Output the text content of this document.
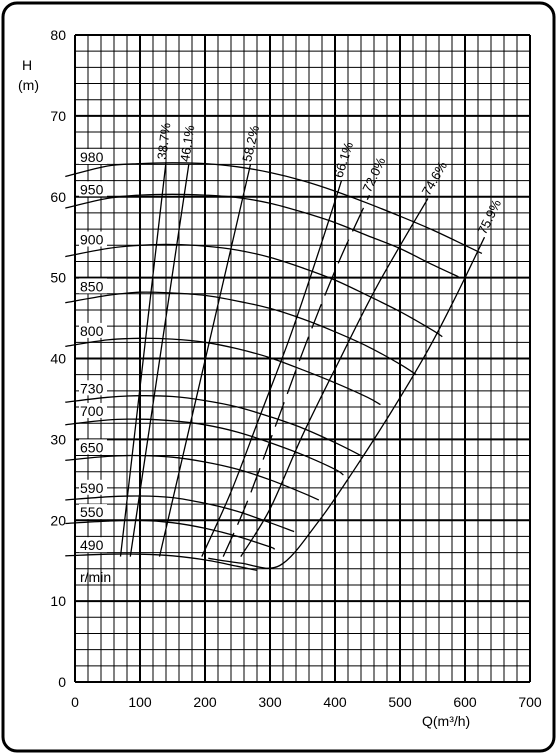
0	100	200	300	400	500	600	700
0
10
20
30
40
50
60
70
80
980
950
900
850
800
730
700
650
590
550
490
38.7% 46.1%	58.2%	66.1% 72.0% 74.6%
75.9%
H
(m)
Q(m³/h)
r/min
